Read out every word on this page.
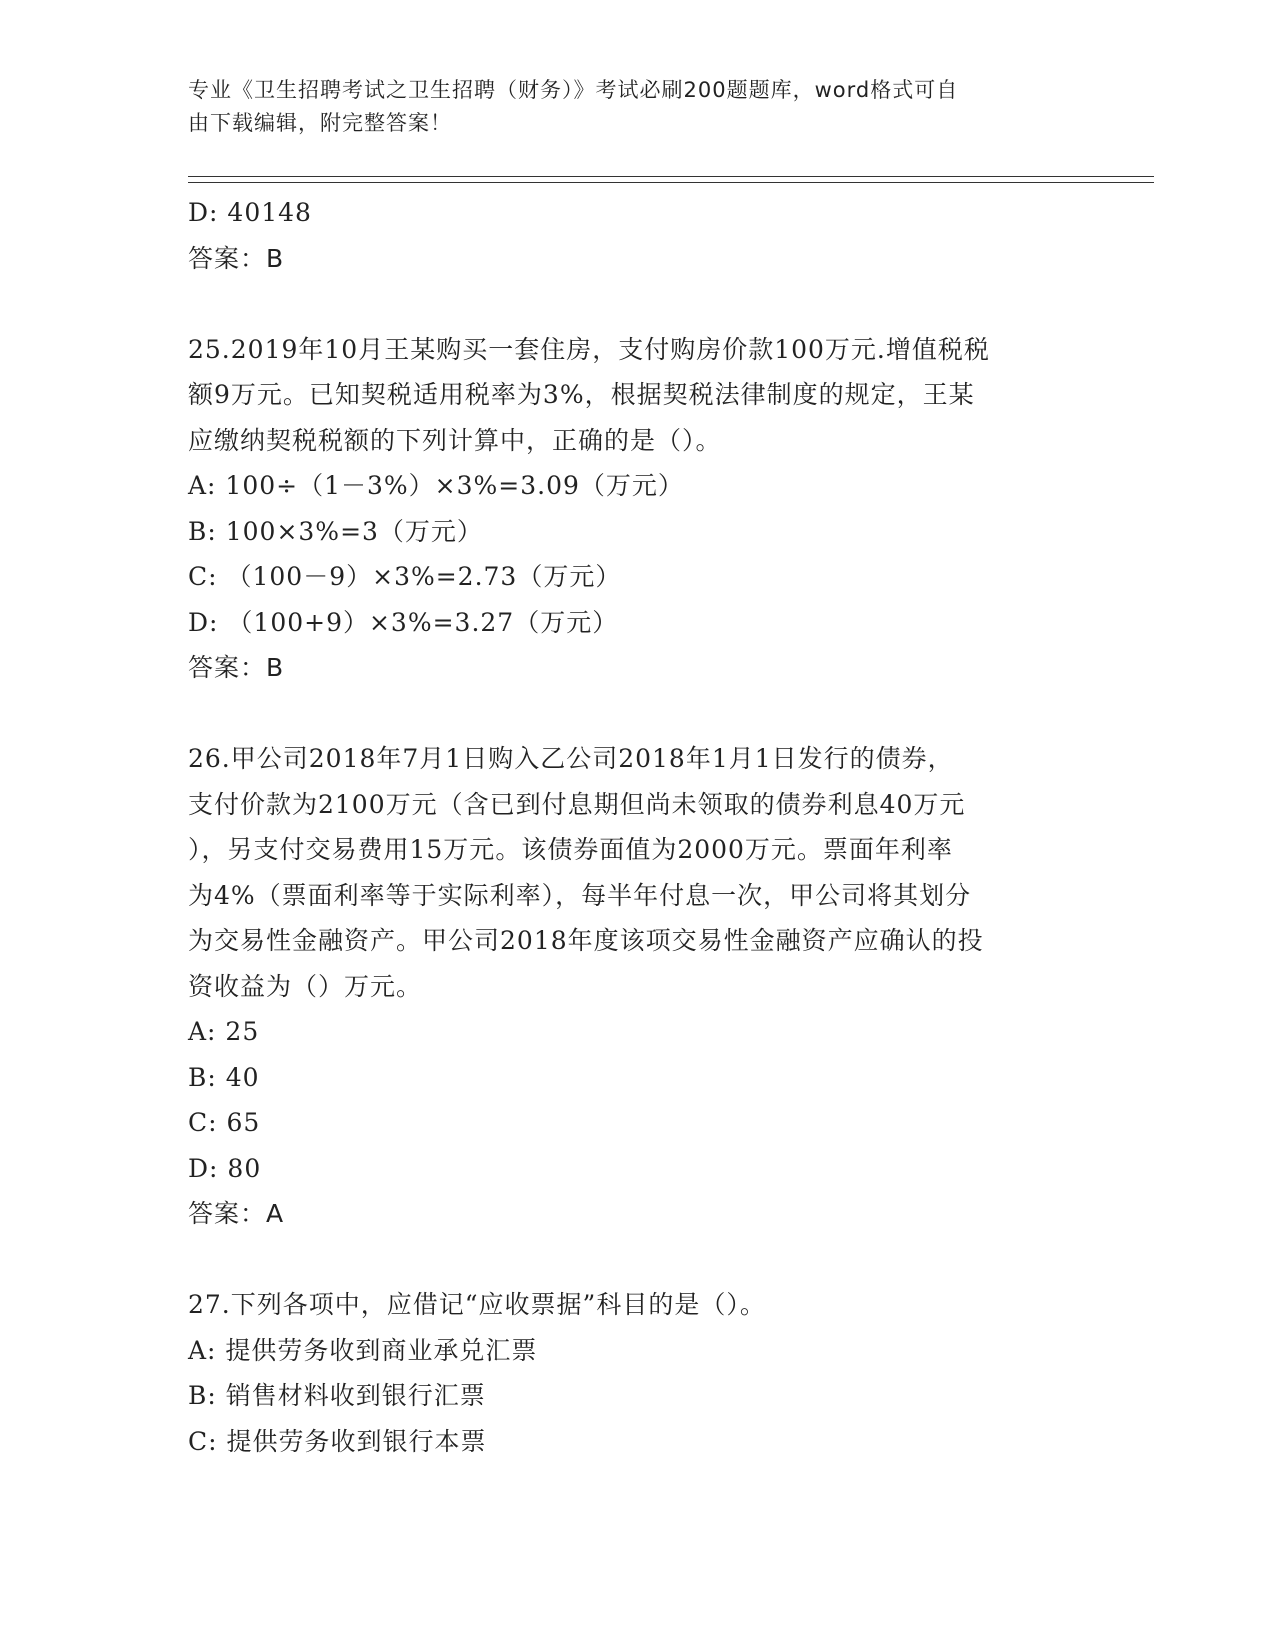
专业《卫生招聘考试之卫生招聘（财务）》考试必刷200题题库，word格式可自
由下载编辑，附完整答案！
D: 40148
答案：B
25.2019年10月王某购买一套住房，支付购房价款100万元.增值税税
额9万元。已知契税适用税率为3%，根据契税法律制度的规定，王某
应缴纳契税税额的下列计算中，正确的是（）。
A: 100÷（1－3%）×3%=3.09（万元）
B: 100×3%=3（万元）
C: （100－9）×3%=2.73（万元）
D: （100+9）×3%=3.27（万元）
答案：B
26.甲公司2018年7月1日购入乙公司2018年1月1日发行的债券，
支付价款为2100万元（含已到付息期但尚未领取的债券利息40万元
），另支付交易费用15万元。该债券面值为2000万元。票面年利率
为4%（票面利率等于实际利率），每半年付息一次，甲公司将其划分
为交易性金融资产。甲公司2018年度该项交易性金融资产应确认的投
资收益为（）万元。
A: 25
B: 40
C: 65
D: 80
答案：A
27.下列各项中，应借记“应收票据”科目的是（）。
A: 提供劳务收到商业承兑汇票
B: 销售材料收到银行汇票
C: 提供劳务收到银行本票
